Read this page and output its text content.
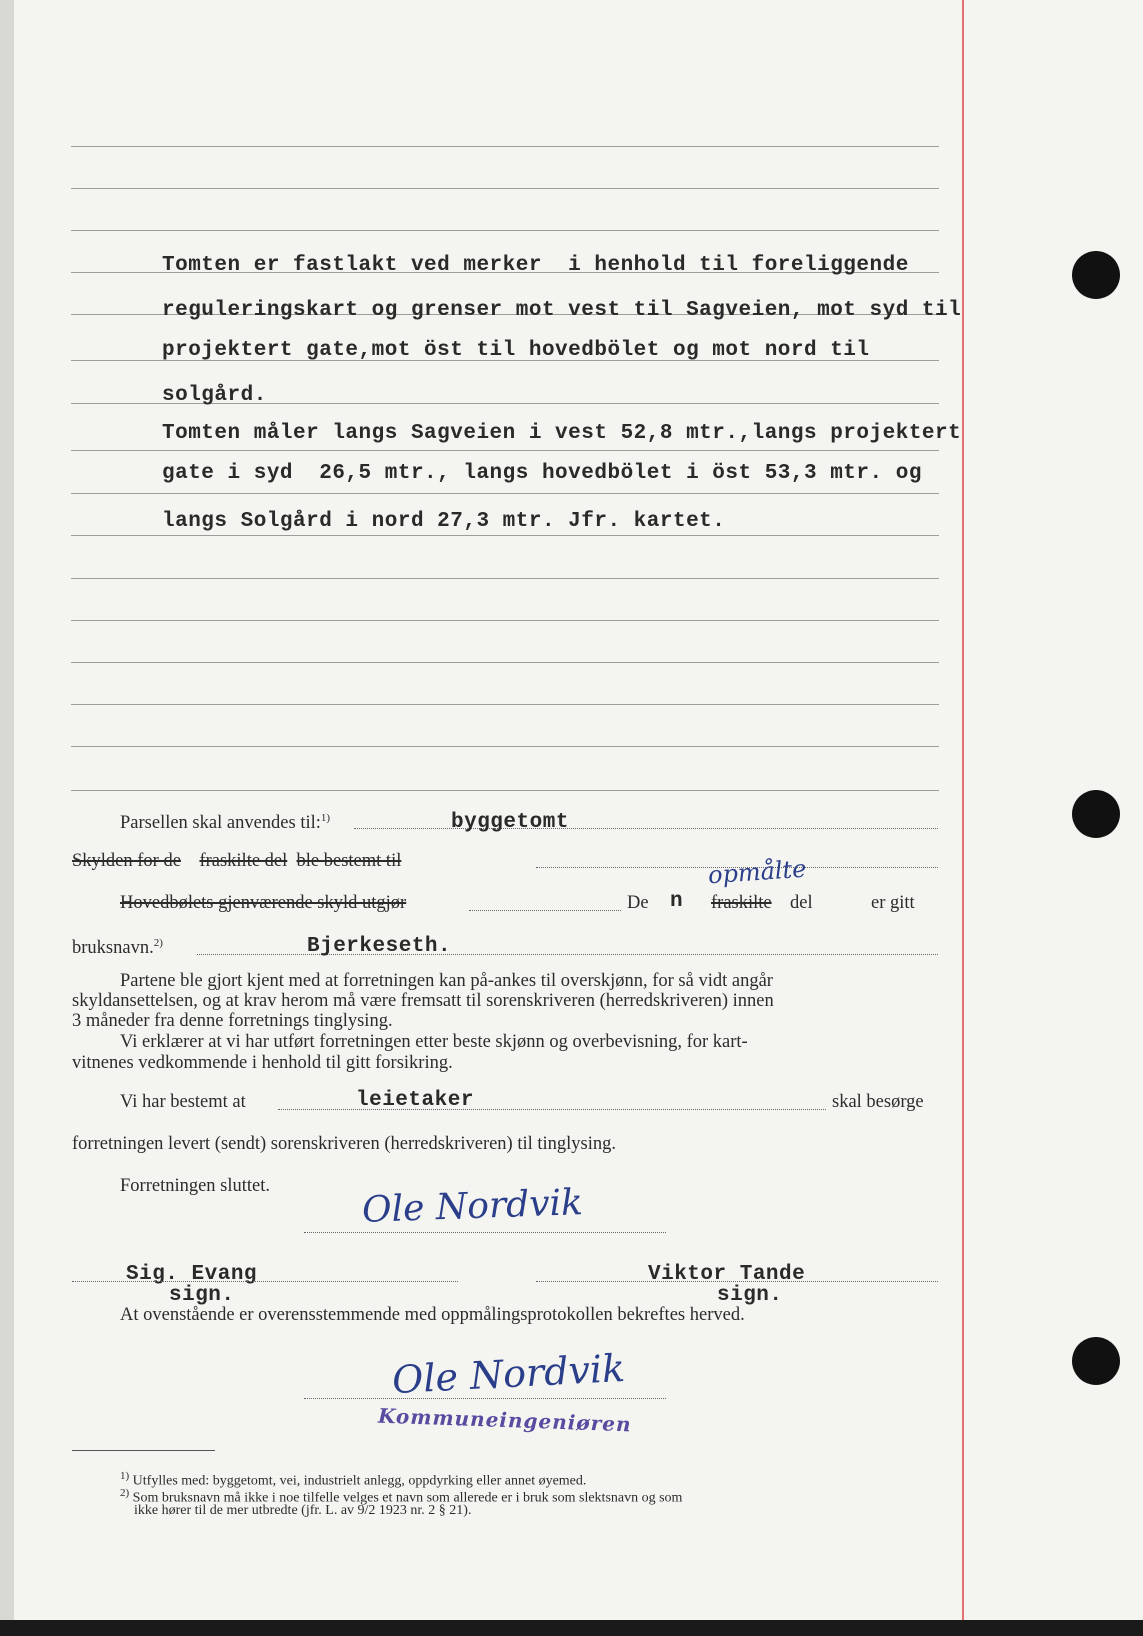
Tomten er fastlakt ved merker  i henhold til foreliggende
reguleringskart og grenser mot vest til Sagveien, mot syd til
projektert gate,mot öst til hovedbölet og mot nord til
solgård.
Tomten måler langs Sagveien i vest 52,8 mtr.,langs projektert
gate i syd  26,5 mtr., langs hovedbölet i öst 53,3 mtr. og
langs Solgård i nord 27,3 mtr. Jfr. kartet.
Parsellen skal anvendes til:$^{1)}$	byggetomt
Skylden for de fraskilte del ble bestemt til
Hovedbølets gjenværende skyld utgjør	De n fraskilte
opmålte
del	er gitt
bruksnavn.$^{2)}$	Bjerkeseth.
Partene ble gjort kjent med at forretningen kan på-ankes til overskjønn, for så vidt angår
skyldansettelsen, og at krav herom må være fremsatt til sorenskriveren (herredskriveren) innen
3 måneder fra denne forretnings tinglysing.
Vi erklærer at vi har utført forretningen etter beste skjønn og overbevisning, for kart-
vitnenes vedkommende i henhold til gitt forsikring.
Vi har bestemt at	leietaker	skal besørge
forretningen levert (sendt) sorenskriveren (herredskriveren) til tinglysing.
Forretningen sluttet.	Ole Nordvik
Sig. Evang
sign.
Viktor Tande
sign.
At ovenstående er overensstemmende med oppmålingsprotokollen bekreftes herved.
Ole Nordvik
Kommuneingeniøren
$^{1)}$ Utfylles med: byggetomt, vei, industrielt anlegg, oppdyrking eller annet øyemed.
$^{2)}$ Som bruksnavn må ikke i noe tilfelle velges et navn som allerede er i bruk som slektsnavn og som
ikke hører til de mer utbredte (jfr. L. av 9/2 1923 nr. 2 § 21).
